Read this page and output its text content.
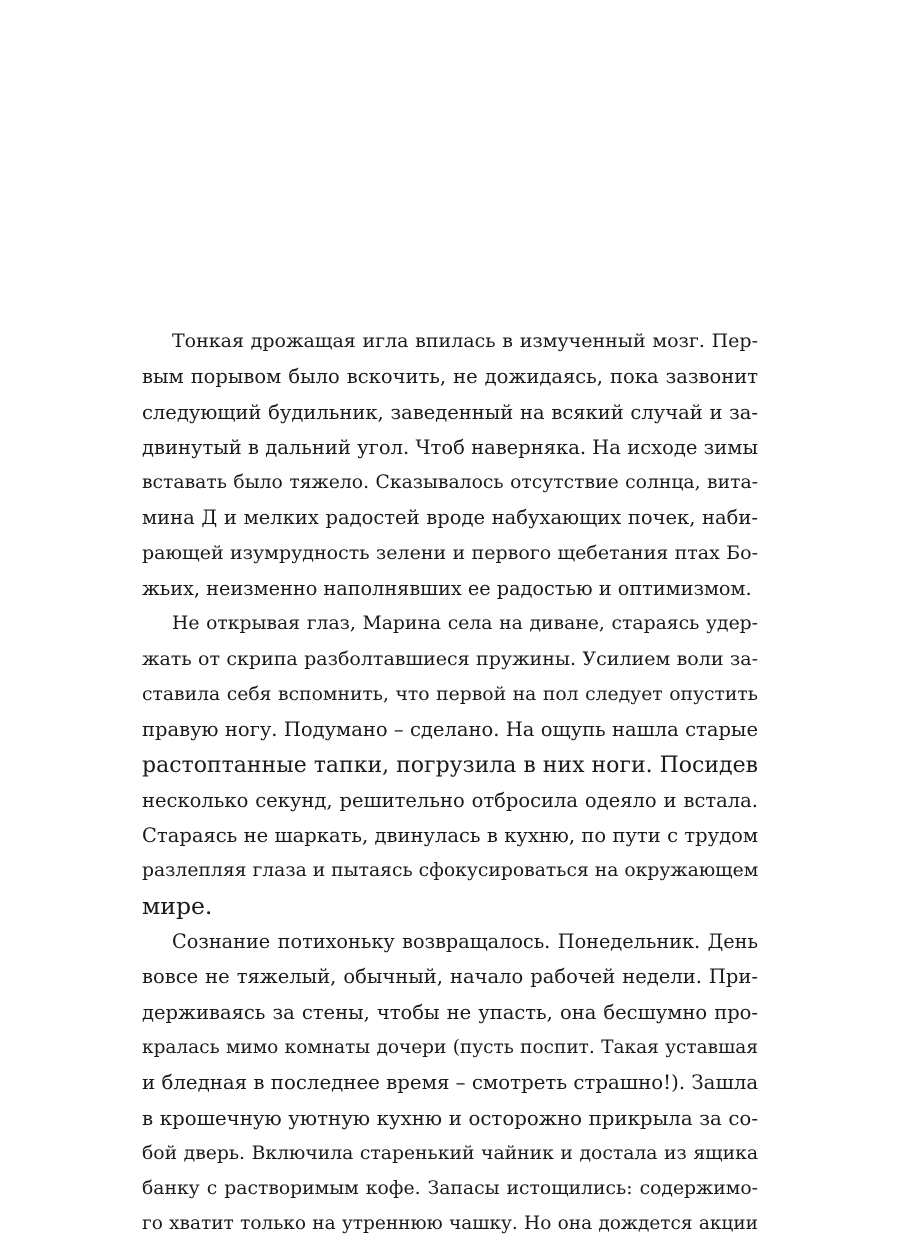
Тонкая дрожащая игла впилась в измученный мозг. Пер-
вым порывом было вскочить, не дожидаясь, пока зазвонит
следующий будильник, заведенный на всякий случай и за-
двинутый в дальний угол. Чтоб наверняка. На исходе зимы
вставать было тяжело. Сказывалось отсутствие солнца, вита-
мина Д и мелких радостей вроде набухающих почек, наби-
рающей изумрудность зелени и первого щебетания птах Бо-
жьих, неизменно наполнявших ее радостью и оптимизмом.
Не открывая глаз, Марина села на диване, стараясь удер-
жать от скрипа разболтавшиеся пружины. Усилием воли за-
ставила себя вспомнить, что первой на пол следует опустить
правую ногу. Подумано – сделано. На ощупь нашла старые
растоптанные тапки, погрузила в них ноги. Посидев
несколько секунд, решительно отбросила одеяло и встала.
Стараясь не шаркать, двинулась в кухню, по пути с трудом
разлепляя глаза и пытаясь сфокусироваться на окружающем
мире.
Сознание потихоньку возвращалось. Понедельник. День
вовсе не тяжелый, обычный, начало рабочей недели. При-
держиваясь за стены, чтобы не упасть, она бесшумно про-
кралась мимо комнаты дочери (пусть поспит. Такая уставшая
и бледная в последнее время – смотреть страшно!). Зашла
в крошечную уютную кухню и осторожно прикрыла за со-
бой дверь. Включила старенький чайник и достала из ящика
банку с растворимым кофе. Запасы истощились: содержимо-
го хватит только на утреннюю чашку. Но она дождется акции
